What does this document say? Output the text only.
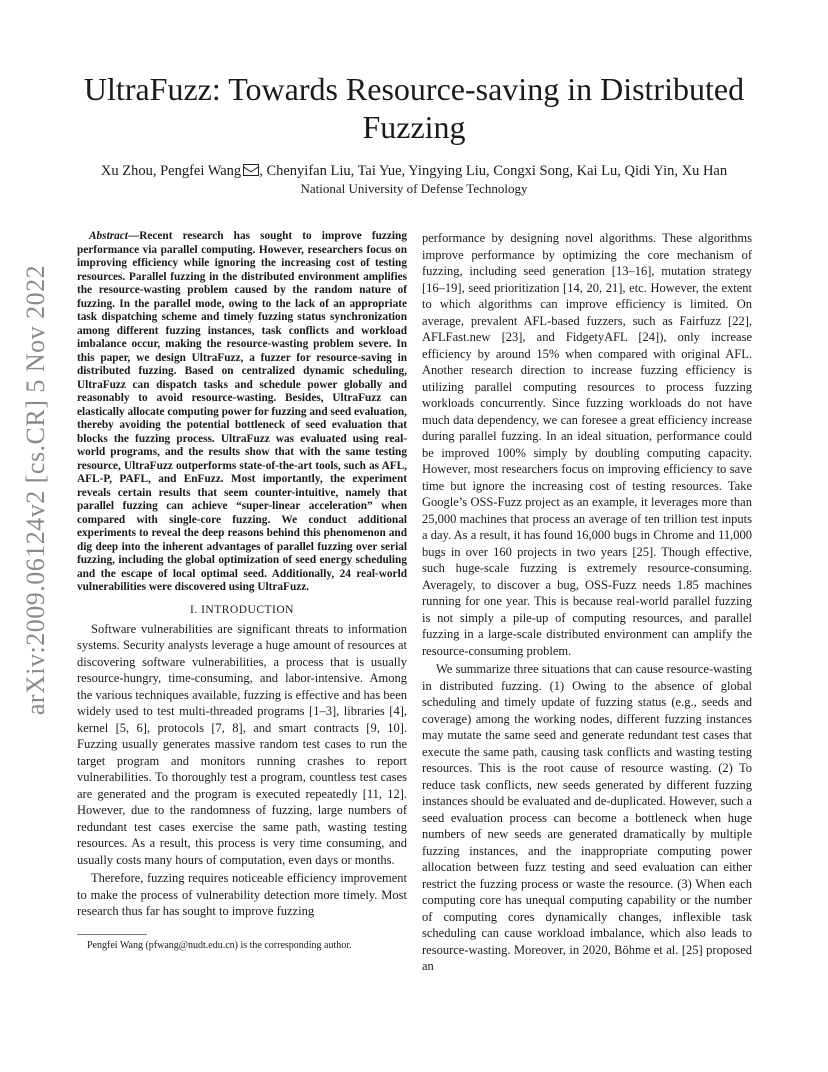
arXiv:2009.06124v2 [cs.CR] 5 Nov 2022
UltraFuzz: Towards Resource-saving in Distributed Fuzzing
Xu Zhou, Pengfei Wang , Chenyifan Liu, Tai Yue, Yingying Liu, Congxi Song, Kai Lu, Qidi Yin, Xu Han
National University of Defense Technology

Abstract—Recent research has sought to improve fuzzing performance via parallel computing. However, researchers focus on improving efficiency while ignoring the increasing cost of testing resources. Parallel fuzzing in the distributed environment amplifies the resource-wasting problem caused by the random nature of fuzzing. In the parallel mode, owing to the lack of an appropriate task dispatching scheme and timely fuzzing status synchronization among different fuzzing instances, task conflicts and workload imbalance occur, making the resource-wasting problem severe. In this paper, we design UltraFuzz, a fuzzer for resource-saving in distributed fuzzing. Based on centralized dynamic scheduling, UltraFuzz can dispatch tasks and schedule power globally and reasonably to avoid resource-wasting. Besides, UltraFuzz can elastically allocate computing power for fuzzing and seed evaluation, thereby avoiding the potential bottleneck of seed evaluation that blocks the fuzzing process. UltraFuzz was evaluated using real-world programs, and the results show that with the same testing resource, UltraFuzz outperforms state-of-the-art tools, such as AFL, AFL-P, PAFL, and EnFuzz. Most importantly, the experiment reveals certain results that seem counter-intuitive, namely that parallel fuzzing can achieve “super-linear acceleration” when compared with single-core fuzzing. We conduct additional experiments to reveal the deep reasons behind this phenomenon and dig deep into the inherent advantages of parallel fuzzing over serial fuzzing, including the global optimization of seed energy scheduling and the escape of local optimal seed. Additionally, 24 real-world vulnerabilities were discovered using UltraFuzz.

I. INTRODUCTION

Software vulnerabilities are significant threats to information systems. Security analysts leverage a huge amount of resources at discovering software vulnerabilities, a process that is usually resource-hungry, time-consuming, and labor-intensive. Among the various techniques available, fuzzing is effective and has been widely used to test multi-threaded programs [1–3], libraries [4], kernel [5, 6], protocols [7, 8], and smart contracts [9, 10]. Fuzzing usually generates massive random test cases to run the target program and monitors running crashes to report vulnerabilities. To thoroughly test a program, countless test cases are generated and the program is executed repeatedly [11, 12]. However, due to the randomness of fuzzing, large numbers of redundant test cases exercise the same path, wasting testing resources. As a result, this process is very time consuming, and usually costs many hours of computation, even days or months.

Therefore, fuzzing requires noticeable efficiency improvement to make the process of vulnerability detection more timely. Most research thus far has sought to improve fuzzing

Pengfei Wang (pfwang@nudt.edu.cn) is the corresponding author.

performance by designing novel algorithms. These algorithms improve performance by optimizing the core mechanism of fuzzing, including seed generation [13–16], mutation strategy [16–19], seed prioritization [14, 20, 21], etc. However, the extent to which algorithms can improve efficiency is limited. On average, prevalent AFL-based fuzzers, such as Fairfuzz [22], AFLFast.new [23], and FidgetyAFL [24]), only increase efficiency by around 15% when compared with original AFL. Another research direction to increase fuzzing efficiency is utilizing parallel computing resources to process fuzzing workloads concurrently. Since fuzzing workloads do not have much data dependency, we can foresee a great efficiency increase during parallel fuzzing. In an ideal situation, performance could be improved 100% simply by doubling computing capacity. However, most researchers focus on improving efficiency to save time but ignore the increasing cost of testing resources. Take Google’s OSS-Fuzz project as an example, it leverages more than 25,000 machines that process an average of ten trillion test inputs a day. As a result, it has found 16,000 bugs in Chrome and 11,000 bugs in over 160 projects in two years [25]. Though effective, such huge-scale fuzzing is extremely resource-consuming. Averagely, to discover a bug, OSS-Fuzz needs 1.85 machines running for one year. This is because real-world parallel fuzzing is not simply a pile-up of computing resources, and parallel fuzzing in a large-scale distributed environment can amplify the resource-consuming problem.

We summarize three situations that can cause resource-wasting in distributed fuzzing. (1) Owing to the absence of global scheduling and timely update of fuzzing status (e.g., seeds and coverage) among the working nodes, different fuzzing instances may mutate the same seed and generate redundant test cases that execute the same path, causing task conflicts and wasting testing resources. This is the root cause of resource wasting. (2) To reduce task conflicts, new seeds generated by different fuzzing instances should be evaluated and de-duplicated. However, such a seed evaluation process can become a bottleneck when huge numbers of new seeds are generated dramatically by multiple fuzzing instances, and the inappropriate computing power allocation between fuzz testing and seed evaluation can either restrict the fuzzing process or waste the resource. (3) When each computing core has unequal computing capability or the number of computing cores dynamically changes, inflexible task scheduling can cause workload imbalance, which also leads to resource-wasting. Moreover, in 2020, Böhme et al. [25] proposed an
